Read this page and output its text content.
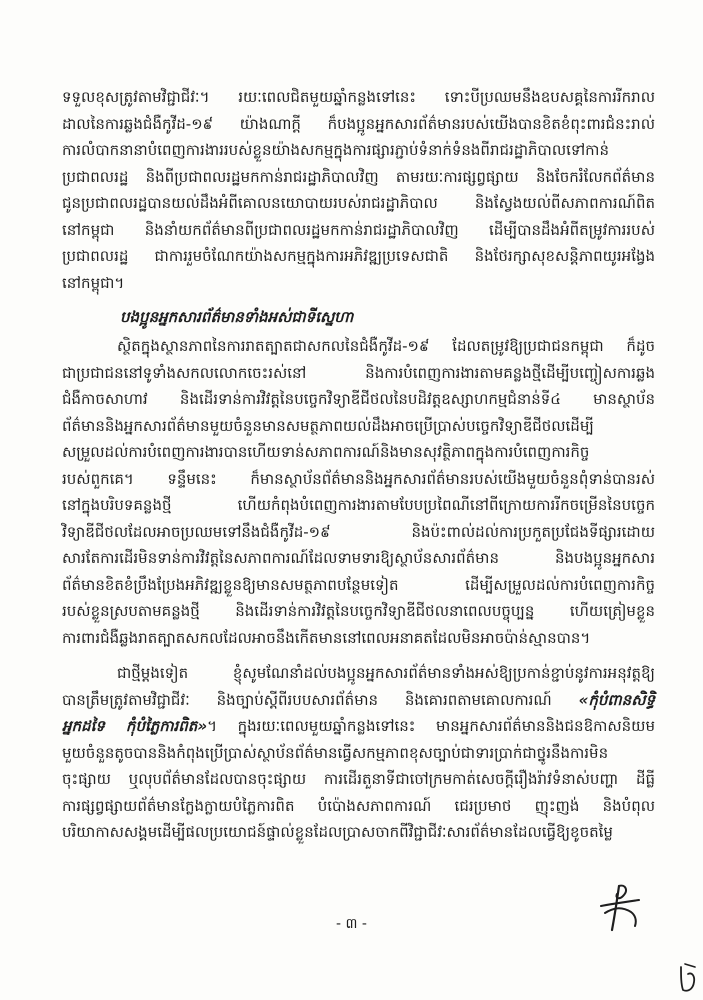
ទទួលខុសត្រូវតាមវិជ្ជាជីវៈ។ រយៈពេលជិតមួយឆ្នាំកន្លងទៅនេះ ទោះបីប្រឈមនឹងឧបសគ្គនៃការរីករាល
ដាលនៃការឆ្លងជំងឺកូវីដ-១៩ យ៉ាងណាក្តី ក៏បងប្អូនអ្នកសារព័ត៌មានរបស់យើងបានខិតខំពុះពារជំនះរាល់
ការលំបាកនានាបំពេញការងាររបស់ខ្លួនយ៉ាងសកម្មក្នុងការផ្សារភ្ជាប់ទំនាក់ទំនងពីរាជរដ្ឋាភិបាលទៅកាន់
ប្រជាពលរដ្ឋ និងពីប្រជាពលរដ្ឋមកកាន់រាជរដ្ឋាភិបាលវិញ តាមរយៈការផ្សព្វផ្សាយ និងចែករំលែកព័ត៌មាន
ជូនប្រជាពលរដ្ឋបានយល់ដឹងអំពីគោលនយោបាយរបស់រាជរដ្ឋាភិបាល និងស្វែងយល់ពីសភាពការណ៍ពិត
នៅកម្ពុជា និងនាំយកព័ត៌មានពីប្រជាពលរដ្ឋមកកាន់រាជរដ្ឋាភិបាលវិញ ដើម្បីបានដឹងអំពីតម្រូវការរបស់
ប្រជាពលរដ្ឋ ជាការរួមចំណែកយ៉ាងសកម្មក្នុងការអភិវឌ្ឍប្រទេសជាតិ និងថែរក្សាសុខសន្តិភាពយូរអង្វែង
នៅកម្ពុជា។
បងប្អូនអ្នកសារព័ត៌មានទាំងអស់ជាទីស្នេហា
ស្ថិតក្នុងស្ថានភាពនៃការរាតត្បាតជាសកលនៃជំងឺកូវីដ-១៩ ដែលតម្រូវឱ្យប្រជាជនកម្ពុជា ក៏ដូច
ជាប្រជាជននៅទូទាំងសកលលោកចេះរស់នៅ និងការបំពេញការងារតាមគន្លងថ្មីដើម្បីបញ្ចៀសការឆ្លង
ជំងឺកាចសាហាវ និងដើរទាន់ការវិវត្តនៃបច្ចេកវិទ្យាឌីជីថលនៃបដិវត្តឧស្សាហកម្មជំនាន់ទី៤ មានស្ថាប័ន
ព័ត៌មាននិងអ្នកសារព័ត៌មានមួយចំនួនមានសមត្ថភាពយល់ដឹងអាចប្រើប្រាស់បច្ចេកវិទ្យាឌីជីថលដើម្បី
សម្រួលដល់ការបំពេញការងារបានហើយទាន់សភាពការណ៍និងមានសុវត្ថិភាពក្នុងការបំពេញការកិច្ច
របស់ពួកគេ។ ទន្ទឹមនេះ ក៏មានស្ថាប័នព័ត៌មាននិងអ្នកសារព័ត៌មានរបស់យើងមួយចំនួនពុំទាន់បានរស់
នៅក្នុងបរិបទគន្លងថ្មី ហើយកំពុងបំពេញការងារតាមបែបប្រពៃណីនៅពីក្រោយការរីកចម្រើននៃបច្ចេក
វិទ្យាឌីជីថលដែលអាចប្រឈមទៅនឹងជំងឺកូវីដ-១៩ និងប៉ះពាល់ដល់ការប្រកួតប្រជែងទីផ្សារដោយ
សារតែការដើរមិនទាន់ការវិវត្តនៃសភាពការណ៍ដែលទាមទារឱ្យស្ថាប័នសារព័ត៌មាន និងបងប្អូនអ្នកសារ
ព័ត៌មានខិតខំប្រឹងប្រែងអភិវឌ្ឍខ្លួនឱ្យមានសមត្ថភាពបន្ថែមទៀត ដើម្បីសម្រួលដល់ការបំពេញការកិច្ច
របស់ខ្លួនស្របតាមគន្លងថ្មី និងដើរទាន់ការវិវត្តនៃបច្ចេកវិទ្យាឌីជីថលនាពេលបច្ចុប្បន្ន ហើយត្រៀមខ្លួន
ការពារជំងឺឆ្លងរាតត្បាតសកលដែលអាចនឹងកើតមាននៅពេលអនាគតដែលមិនអាចប៉ាន់ស្មានបាន។
ជាថ្មីម្តងទៀត ខ្ញុំសូមណែនាំដល់បងប្អូនអ្នកសារព័ត៌មានទាំងអស់ឱ្យប្រកាន់ខ្ជាប់នូវការអនុវត្តឱ្យ
បានត្រឹមត្រូវតាមវិជ្ជាជីវៈ និងច្បាប់ស្តីពីរបបសារព័ត៌មាន និងគោរពតាមគោលការណ៍ «កុំបំពានសិទ្ធិ
អ្នកដទៃ កុំបំភ្លៃការពិត»។ ក្នុងរយៈពេលមួយឆ្នាំកន្លងទៅនេះ មានអ្នកសារព័ត៌មាននិងជនឱកាសនិយម
មួយចំនួនតូចបាននិងកំពុងប្រើប្រាស់ស្ថាប័នព័ត៌មានធ្វើសកម្មភាពខុសច្បាប់ជាទារប្រាក់ជាថ្នូរនឹងការមិន
ចុះផ្សាយ ឬលុបព័ត៌មានដែលបានចុះផ្សាយ ការដើរតួនាទីជាចៅក្រមកាត់សេចក្តីរឿងរ៉ាវទំនាស់បញ្ហា ដីធ្លី
ការផ្សព្វផ្សាយព័ត៌មានក្លែងក្លាយបំភ្លៃការពិត បំប៉ោងសភាពការណ៍ ជេរប្រមាថ ញុះញង់ និងបំពុល
បរិយាកាសសង្គមដើម្បីផលប្រយោជន៍ផ្ទាល់ខ្លួនដែលប្រាសចាកពីវិជ្ជាជីវៈសារព័ត៌មានដែលធ្វើឱ្យខូចតម្លៃ
- ៣ -
